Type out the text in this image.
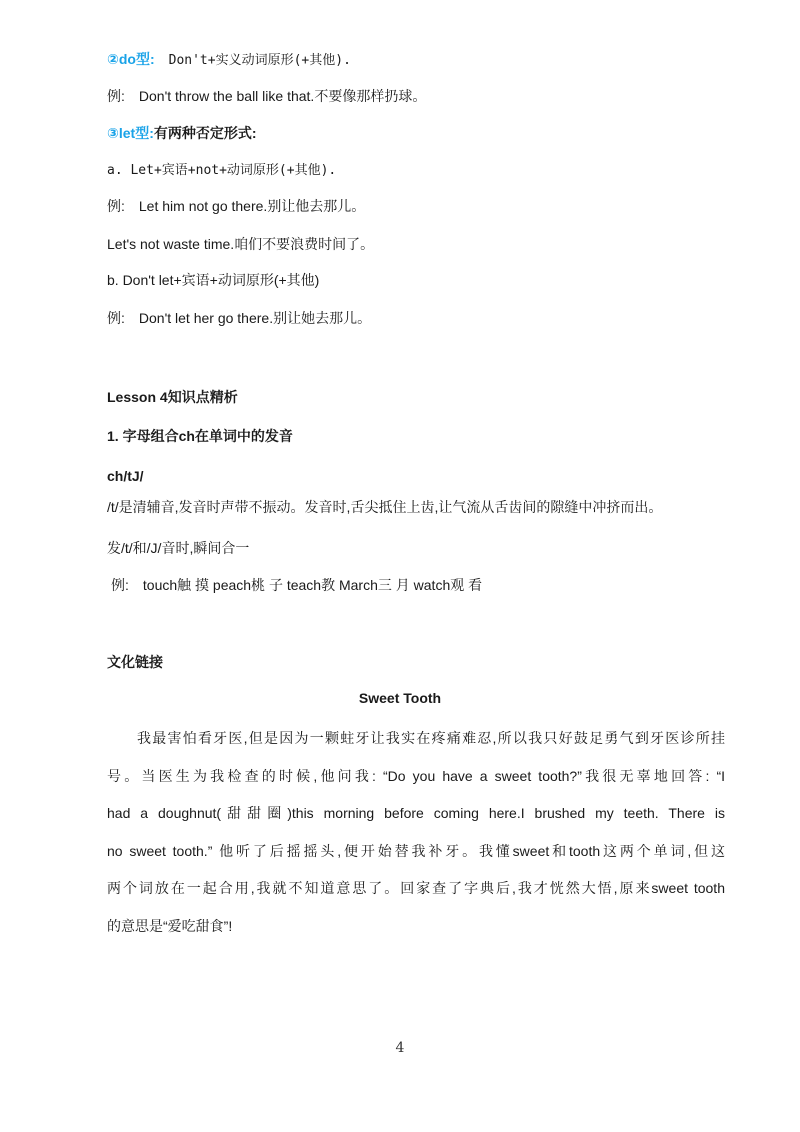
②do型: Don't+实义动词原形(+其他).
例: Don't throw the ball like that.不要像那样扔球。
③let型:有两种否定形式:
a. Let+宾语+not+动词原形(+其他).
例: Let him not go there.别让他去那儿。
Let's not waste time.咱们不要浪费时间了。
b. Don't let+宾语+动词原形(+其他)
例: Don't let her go there.别让她去那儿。
Lesson 4知识点精析
1. 字母组合ch在单词中的发音
ch/tJ/
/t/是清辅音,发音时声带不振动。发音时,舌尖抵住上齿,让气流从舌齿间的隙缝中冲挤而出。
发/t/和/J/音时,瞬间合一
例: touch触 摸 peach桃 子 teach教 March三 月 watch观 看
文化链接
Sweet Tooth
我最害怕看牙医,但是因为一颗蛀牙让我实在疼痛难忍,所以我只好鼓足勇气到牙医诊所挂
号。当医生为我检查的时候,他问我: “Do you have a sweet tooth?”我很无辜地回答: “I
had a doughnut(甜甜圈)this morning before coming here.I brushed my teeth. There is
no sweet tooth.” 他听了后摇摇头,便开始替我补牙。我懂sweet和tooth这两个单词,但这
两个词放在一起合用,我就不知道意思了。回家查了字典后,我才恍然大悟,原来sweet tooth
的意思是“爱吃甜食”!
4
